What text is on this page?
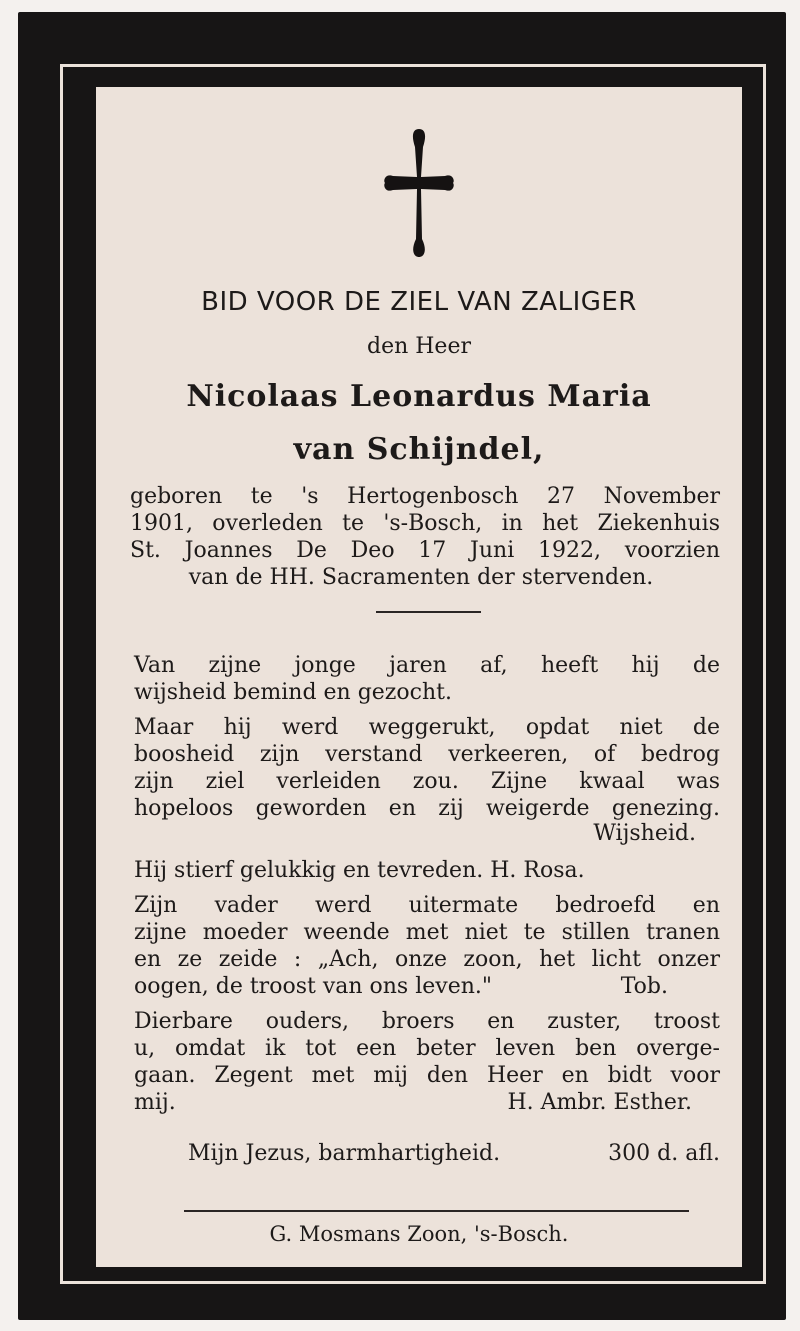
BID VOOR DE ZIEL VAN ZALIGER
den Heer
Nicolaas Leonardus Maria
van Schijndel,
geboren te 's Hertogenbosch 27 November
1901, overleden te 's-Bosch, in het Ziekenhuis
St. Joannes De Deo 17 Juni 1922, voorzien
van de HH. Sacramenten der stervenden.
Van zijne jonge jaren af, heeft hij de
wijsheid bemind en gezocht.
Maar hij werd weggerukt, opdat niet de
boosheid zijn verstand verkeeren, of bedrog
zijn ziel verleiden zou. Zijne kwaal was
hopeloos geworden en zij weigerde genezing.
Wijsheid.
Hij stierf gelukkig en tevreden. H. Rosa.
Zijn vader werd uitermate bedroefd en
zijne moeder weende met niet te stillen tranen
en ze zeide : „Ach, onze zoon, het licht onzer
oogen, de troost van ons leven."	Tob.
Dierbare ouders, broers en zuster, troost
u, omdat ik tot een beter leven ben overge-
gaan. Zegent met mij den Heer en bidt voor
mij.	H. Ambr. Esther.
Mijn Jezus, barmhartigheid.	300 d. afl.
G. Mosmans Zoon, 's-Bosch.
